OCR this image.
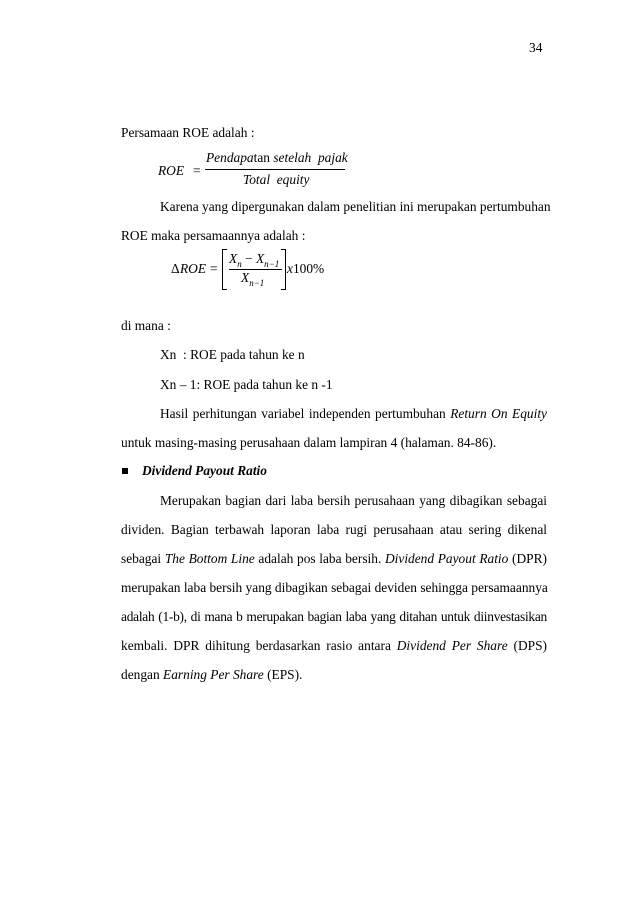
34
Persamaan ROE adalah :
ROE =
Pendapatan setelah  pajak
Total  equity
Karena yang dipergunakan dalam penelitian ini merupakan pertumbuhan
ROE maka persamaannya adalah :
Δ ROE =
$X_n - X_{n-1}$
$X_{n-1}$
x100%
di mana :
Xn  : ROE pada tahun ke n
Xn – 1: ROE pada tahun ke n -1
Hasil perhitungan variabel independen pertumbuhan Return On Equity
untuk masing-masing perusahaan dalam lampiran 4 (halaman. 84-86).
Dividend Payout Ratio
Merupakan bagian dari laba bersih perusahaan yang dibagikan sebagai
dividen. Bagian terbawah laporan laba rugi perusahaan atau sering dikenal
sebagai The Bottom Line adalah pos laba bersih. Dividend Payout Ratio (DPR)
merupakan laba bersih yang dibagikan sebagai deviden sehingga persamaannya
adalah (1-b), di mana b merupakan bagian laba yang ditahan untuk diinvestasikan
kembali. DPR dihitung berdasarkan rasio antara Dividend Per Share (DPS)
dengan Earning Per Share (EPS).
